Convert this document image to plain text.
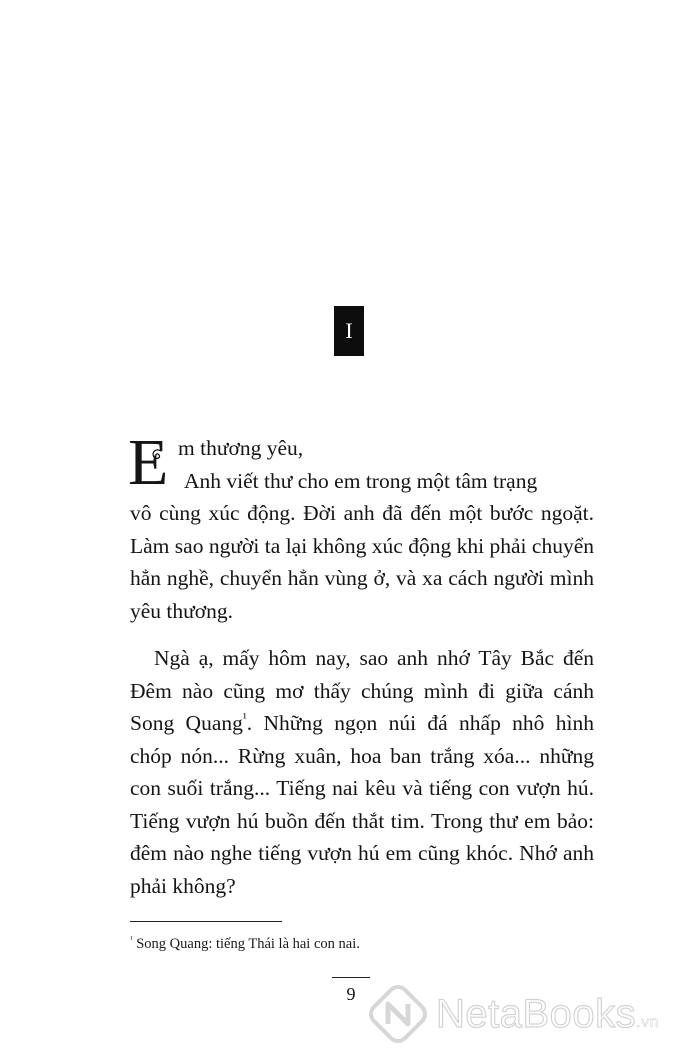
I
E m thương yêu,
Anh viết thư cho em trong một tâm trạng
vô cùng xúc động. Đời anh đã đến một bước ngoặt.
Làm sao người ta lại không xúc động khi phải chuyển
hẳn nghề, chuyển hẳn vùng ở, và xa cách người mình
yêu thương.
Ngà ạ, mấy hôm nay, sao anh nhớ Tây Bắc đến
Đêm nào cũng mơ thấy chúng mình đi giữa cánh
Song Quang$^{^1}$. Những ngọn núi đá nhấp nhô hình
chóp nón... Rừng xuân, hoa ban trắng xóa... những
con suối trắng... Tiếng nai kêu và tiếng con vượn hú.
Tiếng vượn hú buồn đến thắt tim. Trong thư em bảo:
đêm nào nghe tiếng vượn hú em cũng khóc. Nhớ anh
phải không?
$^{^1}$ Song Quang: tiếng Thái là hai con nai.
9	NetaBooks.vn
